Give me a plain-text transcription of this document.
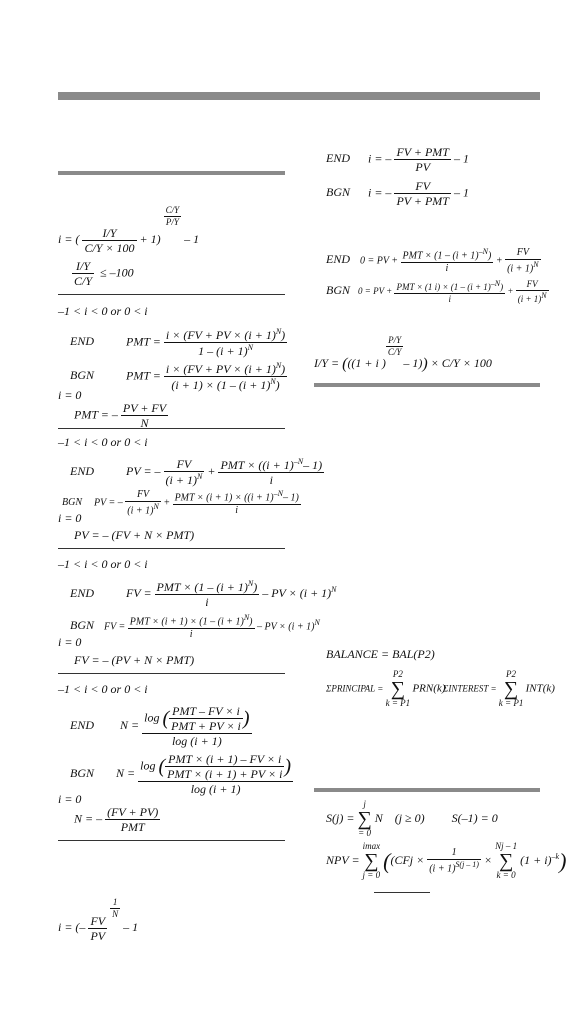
i = ( $\frac{I/Y}{C/Y \times 100} + 1$)
$\frac{C/Y}{P/Y}$
– 1
$\frac{I/Y}{C/Y} \le -100$
–1 < i < 0 or 0 < i
END	PMT = $\frac{i \times (FV + PV \times (i + 1)^N)}{1 - (i + 1)^N}$
BGN	PMT = $\frac{i \times (FV + PV \times (i + 1)^N)}{(i + 1) \times (1 - (i + 1)^N)}$
i = 0
PMT = – $\frac{PV + FV}{N}$
–1 < i < 0 or 0 < i
END	PV = – $\frac{FV}{(i + 1)^N} + \frac{PMT \times ((i + 1)^{-N}- 1)}{i}$
BGN PV = – $\frac{FV}{(i + 1)^N} + \frac{PMT \times (i + 1) \times ((i + 1)^{-N}- 1)}{i}$
i = 0
PV = – (FV + N × PMT)
–1 < i < 0 or 0 < i
END	FV = $\frac{PMT \times (1 - (i + 1)^N)}{i}$ – PV × $(i + 1)^N$
BGN FV = $\frac{PMT \times (i + 1) \times (1 - (i + 1)^N)}{i}$ – PV × $(i + 1)^N$
i = 0
FV = – (PV + N × PMT)
–1 < i < 0 or 0 < i
END $N = \frac{\log ( \frac{\text{PMT – FV × i}}{\text{PMT + PV × i}} )}{\log (i + 1)}$
BGN $N = \frac{\log ( \frac{\text{PMT × (i + 1) – FV × i}}{\text{PMT × (i + 1) + PV × i}} )}{\log (i + 1)}$
i = 0
N = – $\frac{(FV + PV)}{\text{PMT}}$
i = (– $\frac{FV}{PV}$

$\frac{1}{N}$
– 1
END i = – $\frac{\text{FV + PMT}}{PV} - 1$
BGN i = – $\frac{FV}{\text{PV + PMT}} - 1$
END 0 = PV + $\frac{PMT \times (1 - (i + 1)^{-N})}{i} + \frac{FV}{(i + 1)^N}$
BGN 0 = PV + $\frac{\text{PMT × (1 i) × (1 – (i + 1)–N)}}{i} + \frac{FV}{(i + 1)N}$
I/Y = (((1 + i )
$\frac{P/Y}{C/Y}$
– 1)) × C/Y × 100
BALANCE = BAL(P2)
ΣPRINCIPAL = P2
∑
k = P1 PRN(k)
ΣINTEREST = P2
∑
k = P1 INT(k)
S(j) = j
∑
= 0 N (j ≥ 0) S(–1) = 0
NPV = imax
∑
j = 0 (($CFj \times \frac{1}{(i + 1)^{S(j - 1)}} \times Nj - 1$
∑
k = 0 $(1 + i)^{-k}$)
